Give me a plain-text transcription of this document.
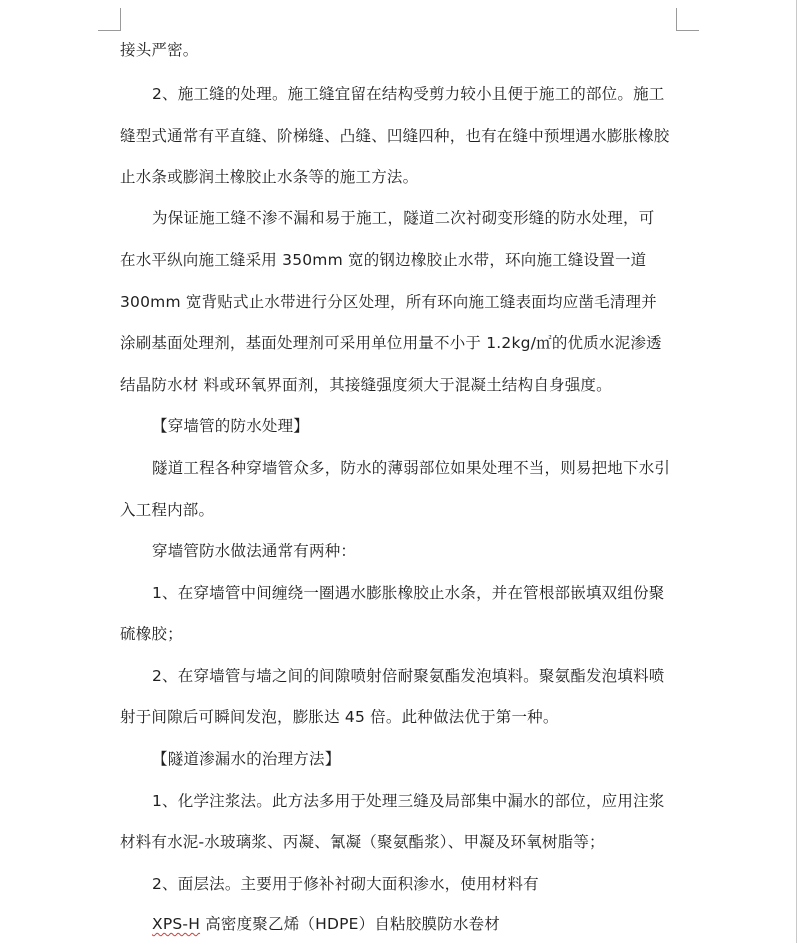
接头严密。
2、施工缝的处理。施工缝宜留在结构受剪力较小且便于施工的部位。施工
缝型式通常有平直缝、阶梯缝、凸缝、凹缝四种，也有在缝中预埋遇水膨胀橡胶
止水条或膨润土橡胶止水条等的施工方法。
为保证施工缝不渗不漏和易于施工，隧道二次衬砌变形缝的防水处理，可
在水平纵向施工缝采用 350mm 宽的钢边橡胶止水带，环向施工缝设置一道
300mm 宽背贴式止水带进行分区处理，所有环向施工缝表面均应凿毛清理并
涂刷基面处理剂，基面处理剂可采用单位用量不小于 1.2kg/㎡的优质水泥渗透
结晶防水材 料或环氧界面剂，其接缝强度须大于混凝土结构自身强度。
【穿墙管的防水处理】
隧道工程各种穿墙管众多，防水的薄弱部位如果处理不当，则易把地下水引
入工程内部。
穿墙管防水做法通常有两种：
1、在穿墙管中间缠绕一圈遇水膨胀橡胶止水条，并在管根部嵌填双组份聚
硫橡胶；
2、在穿墙管与墙之间的间隙喷射倍耐聚氨酯发泡填料。聚氨酯发泡填料喷
射于间隙后可瞬间发泡，膨胀达 45 倍。此种做法优于第一种。
【隧道渗漏水的治理方法】
1、化学注浆法。此方法多用于处理三缝及局部集中漏水的部位，应用注浆
材料有水泥-水玻璃浆、丙凝、氰凝（聚氨酯浆）、甲凝及环氧树脂等；
2、面层法。主要用于修补衬砌大面积渗水，使用材料有
XPS-H 高密度聚乙烯（HDPE）自粘胶膜防水卷材
